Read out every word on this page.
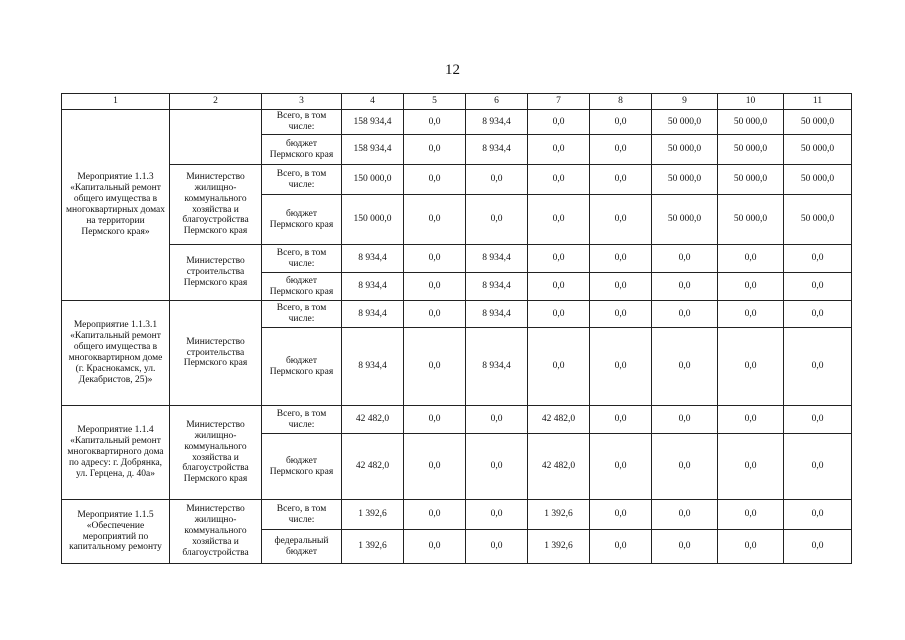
12
1	2	3	4	5	6	7	8	9	10	11
Мероприятие 1.1.3 «Капитальный ремонт общего имущества в многоквартирных домах на территории Пермского края»		Всего, в том числе:	158 934,4	0,0	8 934,4	0,0	0,0	50 000,0	50 000,0	50 000,0
		бюджет Пермского края	158 934,4	0,0	8 934,4	0,0	0,0	50 000,0	50 000,0	50 000,0
	Министерство жилищно-коммунального хозяйства и благоустройства Пермского края	Всего, в том числе:	150 000,0	0,0	0,0	0,0	0,0	50 000,0	50 000,0	50 000,0
		бюджет Пермского края	150 000,0	0,0	0,0	0,0	0,0	50 000,0	50 000,0	50 000,0
	Министерство строительства Пермского края	Всего, в том числе:	8 934,4	0,0	8 934,4	0,0	0,0	0,0	0,0	0,0
		бюджет Пермского края	8 934,4	0,0	8 934,4	0,0	0,0	0,0	0,0	0,0
Мероприятие 1.1.3.1 «Капитальный ремонт общего имущества в многоквартирном доме (г. Краснокамск, ул. Декабристов, 25)»	Министерство строительства Пермского края	Всего, в том числе:	8 934,4	0,0	8 934,4	0,0	0,0	0,0	0,0	0,0
		бюджет Пермского края	8 934,4	0,0	8 934,4	0,0	0,0	0,0	0,0	0,0
Мероприятие 1.1.4 «Капитальный ремонт многоквартирного дома по адресу: г. Добрянка, ул. Герцена, д. 40а»	Министерство жилищно-коммунального хозяйства и благоустройства Пермского края	Всего, в том числе:	42 482,0	0,0	0,0	42 482,0	0,0	0,0	0,0	0,0
		бюджет Пермского края	42 482,0	0,0	0,0	42 482,0	0,0	0,0	0,0	0,0
Мероприятие 1.1.5 «Обеспечение мероприятий по капитальному ремонту	Министерство жилищно-коммунального хозяйства и благоустройства	Всего, в том числе:	1 392,6	0,0	0,0	1 392,6	0,0	0,0	0,0	0,0
		федеральный бюджет	1 392,6	0,0	0,0	1 392,6	0,0	0,0	0,0	0,0
